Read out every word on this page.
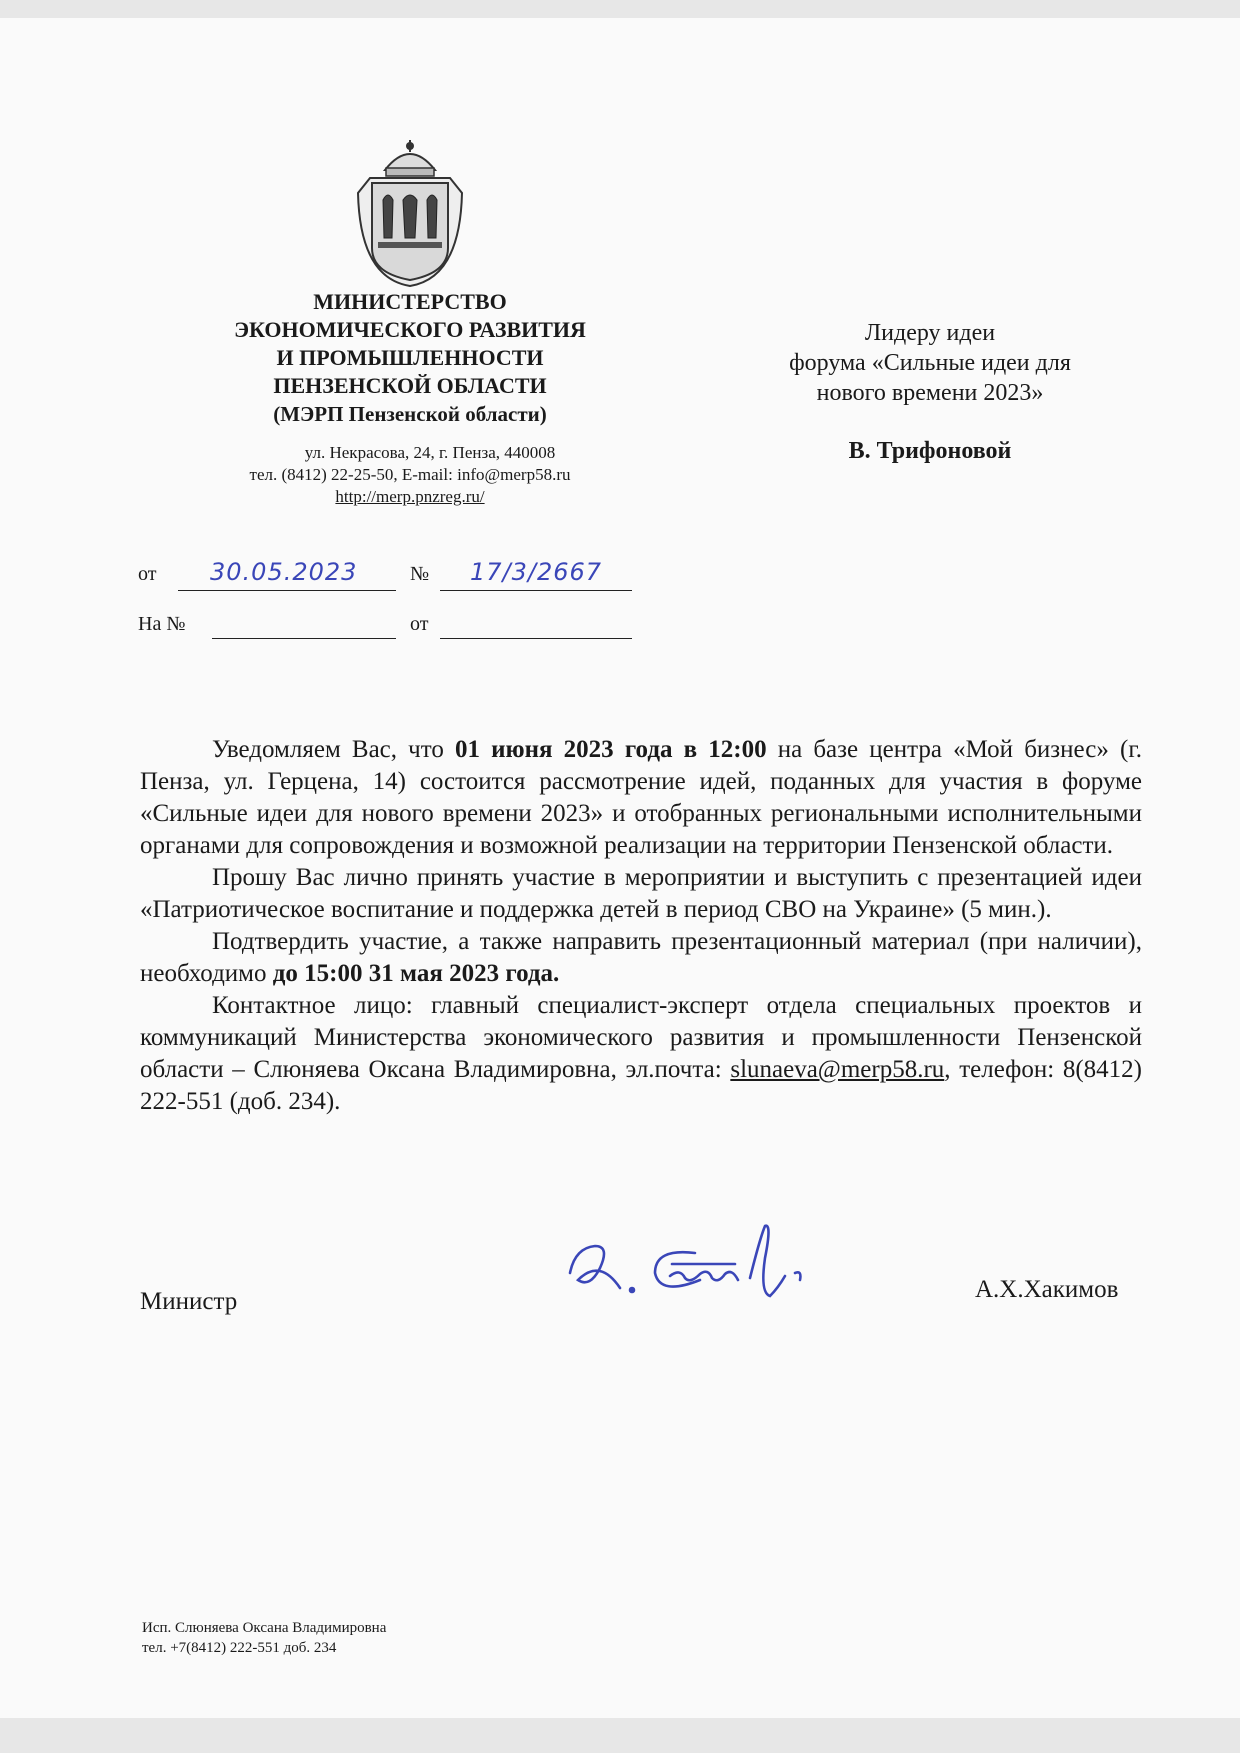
МИНИСТЕРСТВО
ЭКОНОМИЧЕСКОГО РАЗВИТИЯ
И ПРОМЫШЛЕННОСТИ
ПЕНЗЕНСКОЙ ОБЛАСТИ
(МЭРП Пензенской области)
ул. Некрасова, 24, г. Пенза, 440008
тел. (8412) 22-25-50, E-mail: info@merp58.ru
http://merp.pnzreg.ru/
Лидеру идеи
форума «Сильные идеи для
нового времени 2023»
В. Трифоновой
от 30.05.2023	№ 17/3/2667
На №	от

Уведомляем Вас, что 01 июня 2023 года в 12:00 на базе центра «Мой бизнес» (г. Пенза, ул. Герцена, 14) состоится рассмотрение идей, поданных для участия в форуме «Сильные идеи для нового времени 2023» и отобранных региональными исполнительными органами для сопровождения и возможной реализации на территории Пензенской области.

Прошу Вас лично принять участие в мероприятии и выступить с презентацией идеи «Патриотическое воспитание и поддержка детей в период СВО на Украине» (5 мин.).

Подтвердить участие, а также направить презентационный материал (при наличии), необходимо до 15:00 31 мая 2023 года.

Контактное лицо: главный специалист-эксперт отдела специальных проектов и коммуникаций Министерства экономического развития и промышленности Пензенской области – Слюняева Оксана Владимировна, эл.почта: slunaeva@merp58.ru, телефон: 8(8412) 222-551 (доб. 234).

Министр	А.Х.Хакимов
Исп. Слюняева Оксана Владимировна
тел. +7(8412) 222-551 доб. 234
